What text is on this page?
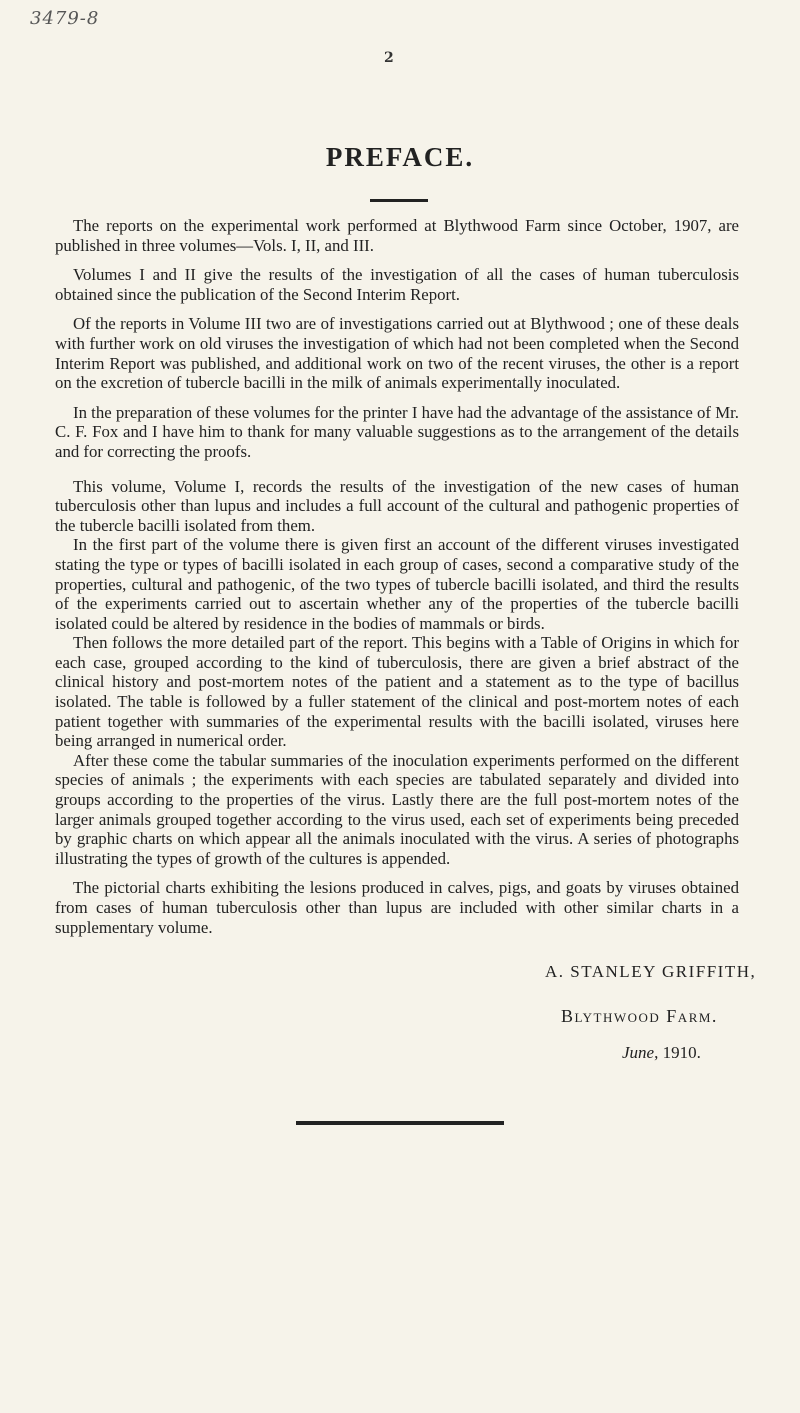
3479-8
2
PREFACE.

The reports on the experimental work performed at Blythwood Farm since October, 1907, are published in three volumes—Vols. I, II, and III.

Volumes I and II give the results of the investigation of all the cases of human tuberculosis obtained since the publication of the Second Interim Report.

Of the reports in Volume III two are of investigations carried out at Blythwood ; one of these deals with further work on old viruses the investigation of which had not been completed when the Second Interim Report was published, and additional work on two of the recent viruses, the other is a report on the excretion of tubercle bacilli in the milk of animals experimentally inoculated.

In the preparation of these volumes for the printer I have had the advantage of the assistance of Mr. C. F. Fox and I have him to thank for many valuable suggestions as to the arrangement of the details and for correcting the proofs.

This volume, Volume I, records the results of the investigation of the new cases of human tuberculosis other than lupus and includes a full account of the cultural and pathogenic properties of the tubercle bacilli isolated from them.

In the first part of the volume there is given first an account of the different viruses investigated stating the type or types of bacilli isolated in each group of cases, second a comparative study of the properties, cultural and pathogenic, of the two types of tubercle bacilli isolated, and third the results of the experiments carried out to ascertain whether any of the properties of the tubercle bacilli isolated could be altered by residence in the bodies of mammals or birds.

Then follows the more detailed part of the report. This begins with a Table of Origins in which for each case, grouped according to the kind of tuberculosis, there are given a brief abstract of the clinical history and post-mortem notes of the patient and a statement as to the type of bacillus isolated. The table is followed by a fuller statement of the clinical and post-mortem notes of each patient together with summaries of the experimental results with the bacilli isolated, viruses here being arranged in numerical order.

After these come the tabular summaries of the inoculation experiments performed on the different species of animals ; the experiments with each species are tabulated separately and divided into groups according to the properties of the virus. Lastly there are the full post-mortem notes of the larger animals grouped together according to the virus used, each set of experiments being preceded by graphic charts on which appear all the animals inoculated with the virus. A series of photographs illustrating the types of growth of the cultures is appended.

The pictorial charts exhibiting the lesions produced in calves, pigs, and goats by viruses obtained from cases of human tuberculosis other than lupus are included with other similar charts in a supplementary volume.

A. STANLEY GRIFFITH,
Blythwood Farm.
June, 1910.
